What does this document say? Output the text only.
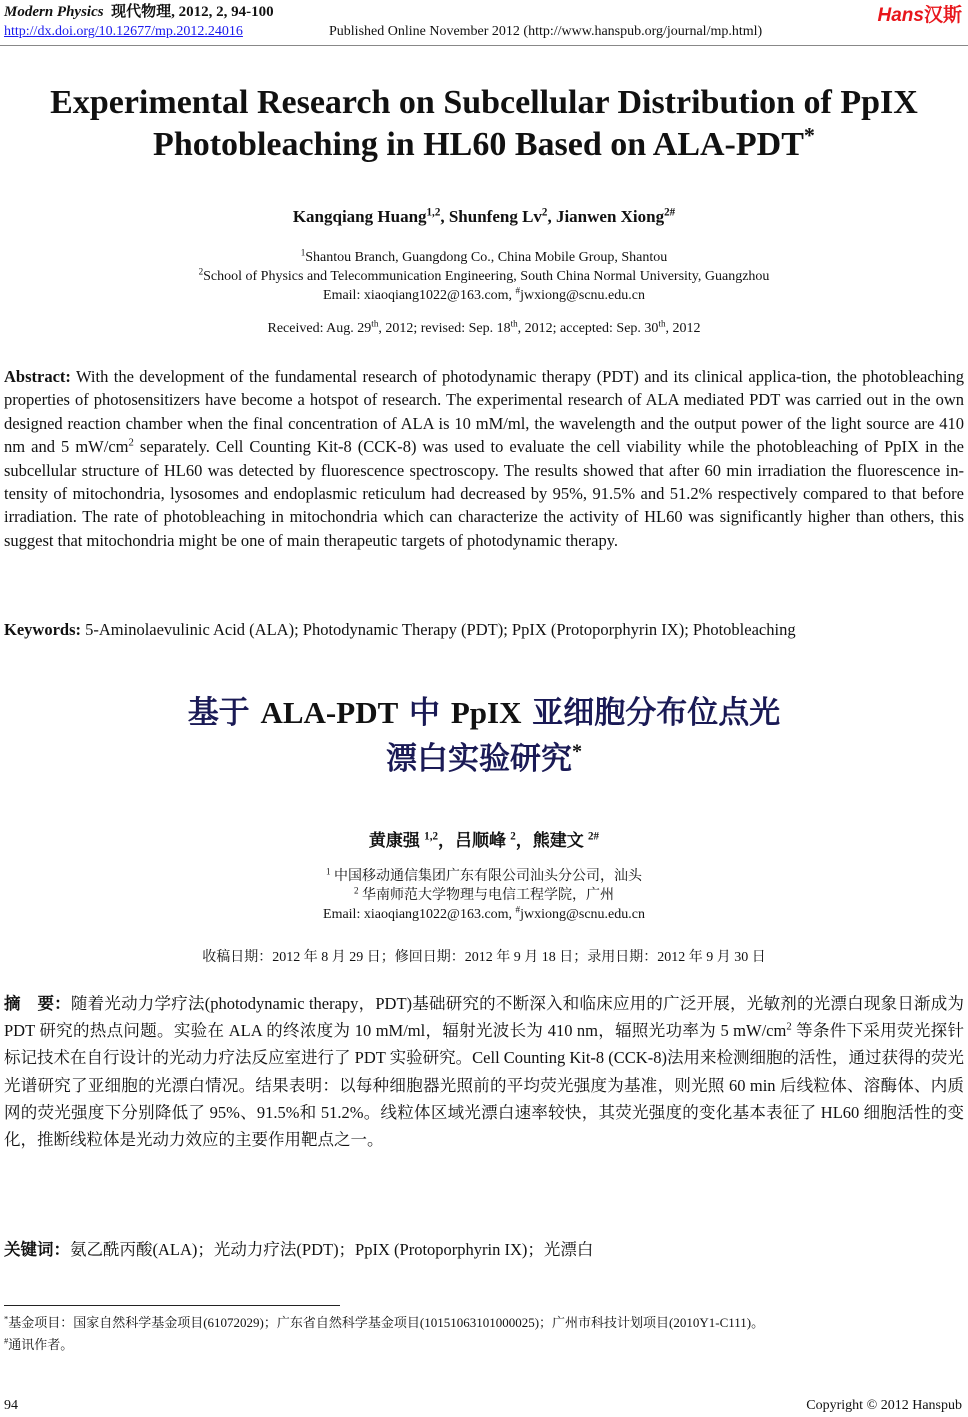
Modern Physics 现代物理, 2012, 2, 94-100
http://dx.doi.org/10.12677/mp.2012.24016	Published Online November 2012 (http://www.hanspub.org/journal/mp.html)
Hans汉斯
Experimental Research on Subcellular Distribution of PpIX
Photobleaching in HL60 Based on ALA-PDT*
Kangqiang Huang$^{1,2}$, Shunfeng Lv$^2$, Jianwen Xiong$^{2\#}$
$^1$Shantou Branch, Guangdong Co., China Mobile Group, Shantou
$^2$School of Physics and Telecommunication Engineering, South China Normal University, Guangzhou
Email: xiaoqiang1022@163.com, #jwxiong@scnu.edu.cn
Received: Aug. 29th, 2012; revised: Sep. 18th, 2012; accepted: Sep. 30th, 2012
Abstract: With the development of the fundamental research of photodynamic therapy (PDT) and its clinical applica-tion, the photobleaching properties of photosensitizers have become a hotspot of research. The experimental research of ALA mediated PDT was carried out in the own designed reaction chamber when the final concentration of ALA is 10 mM/ml, the wavelength and the output power of the light source are 410 nm and 5 $mW/cm^2$ separately. Cell Counting Kit-8 (CCK-8) was used to evaluate the cell viability while the photobleaching of PpIX in the subcellular structure of HL60 was detected by fluorescence spectroscopy. The results showed that after 60 min irradiation the fluorescence in-tensity of mitochondria, lysosomes and endoplasmic reticulum had decreased by 95%, 91.5% and 51.2% respectively compared to that before irradiation. The rate of photobleaching in mitochondria which can characterize the activity of HL60 was significantly higher than others, this suggest that mitochondria might be one of main therapeutic targets of photodynamic therapy.
Keywords: 5-Aminolaevulinic Acid (ALA); Photodynamic Therapy (PDT); PpIX (Protoporphyrin IX); Photobleaching
基于 ALA-PDT 中 PpIX 亚细胞分布位点光
漂白实验研究*
黄康强 $^{1,2}$，吕顺峰 $^2$，熊建文 $^{2\#}$
$^1$ 中国移动通信集团广东有限公司汕头分公司，汕头
$^2$ 华南师范大学物理与电信工程学院，广州
Email: xiaoqiang1022@163.com, #jwxiong@scnu.edu.cn
收稿日期：2012 年 8 月 29 日；修回日期：2012 年 9 月 18 日；录用日期：2012 年 9 月 30 日
摘　要：随着光动力学疗法(photodynamic therapy，PDT)基础研究的不断深入和临床应用的广泛开展，光敏剂的光漂白现象日渐成为 PDT 研究的热点问题。实验在 ALA 的终浓度为 10 mM/ml，辐射光波长为 410 nm，辐照光功率为 5 $mW/cm^2$ 等条件下采用荧光探针标记技术在自行设计的光动力疗法反应室进行了 PDT 实验研究。Cell Counting Kit-8 (CCK-8)法用来检测细胞的活性，通过获得的荧光光谱研究了亚细胞的光漂白情况。结果表明：以每种细胞器光照前的平均荧光强度为基准，则光照 60 min 后线粒体、溶酶体、内质网的荧光强度下分别降低了 95%、91.5%和 51.2%。线粒体区域光漂白速率较快，其荧光强度的变化基本表征了 HL60 细胞活性的变化，推断线粒体是光动力效应的主要作用靶点之一。
关键词：氨乙酰丙酸(ALA)；光动力疗法(PDT)；PpIX (Protoporphyrin IX)；光漂白
*基金项目：国家自然科学基金项目(61072029)；广东省自然科学基金项目(10151063101000025)；广州市科技计划项目(2010Y1-C111)。
#通讯作者。
94	Copyright © 2012 Hanspub
